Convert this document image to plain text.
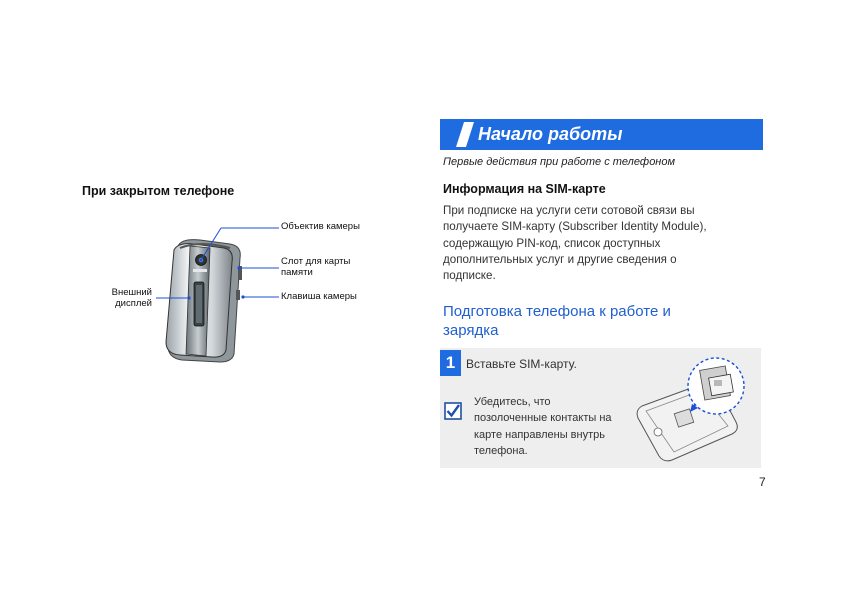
При закрытом телефоне
Объектив камеры
Слот для карты
памяти
Клавиша камеры
Внешний
дисплей
Начало работы
Первые действия при работе с телефоном
Информация на SIM-карте
При подписке на услуги сети сотовой связи вы
получаете SIM-карту (Subscriber Identity Module),
содержащую PIN-код, список доступных
дополнительных услуг и другие сведения о
подписке.
Подготовка телефона к работе и
зарядка
1 Вставьте SIM-карту.
Убедитесь, что
позолоченные контакты на
карте направлены внутрь
телефона.
7
